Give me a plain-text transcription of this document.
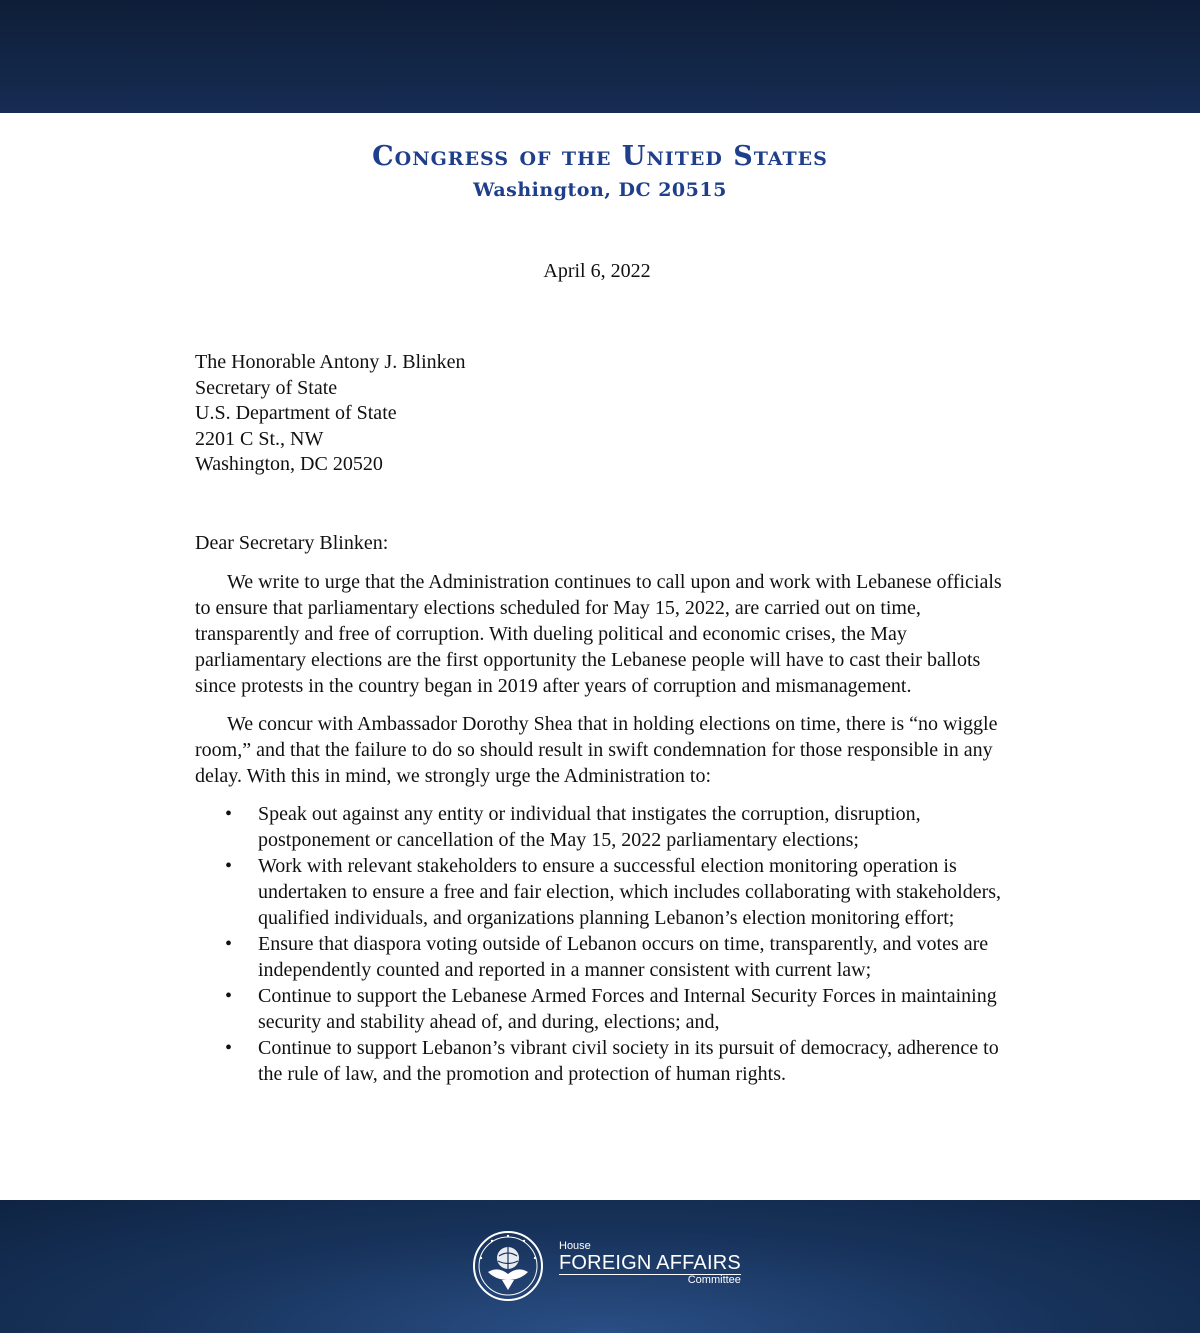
Congress of the United States
Washington, DC 20515
April 6, 2022
The Honorable Antony J. Blinken
Secretary of State
U.S. Department of State
2201 C St., NW
Washington, DC 20520
Dear Secretary Blinken:

We write to urge that the Administration continues to call upon and work with Lebanese officials to ensure that parliamentary elections scheduled for May 15, 2022, are carried out on time, transparently and free of corruption. With dueling political and economic crises, the May parliamentary elections are the first opportunity the Lebanese people will have to cast their ballots since protests in the country began in 2019 after years of corruption and mismanagement.

We concur with Ambassador Dorothy Shea that in holding elections on time, there is “no wiggle room,” and that the failure to do so should result in swift condemnation for those responsible in any delay. With this in mind, we strongly urge the Administration to:

• Speak out against any entity or individual that instigates the corruption, disruption, postponement or cancellation of the May 15, 2022 parliamentary elections;
• Work with relevant stakeholders to ensure a successful election monitoring operation is undertaken to ensure a free and fair election, which includes collaborating with stakeholders, qualified individuals, and organizations planning Lebanon’s election monitoring effort;
• Ensure that diaspora voting outside of Lebanon occurs on time, transparently, and votes are independently counted and reported in a manner consistent with current law;
• Continue to support the Lebanese Armed Forces and Internal Security Forces in maintaining security and stability ahead of, and during, elections; and,
• Continue to support Lebanon’s vibrant civil society in its pursuit of democracy, adherence to the rule of law, and the promotion and protection of human rights.
House
FOREIGN AFFAIRS
Committee
